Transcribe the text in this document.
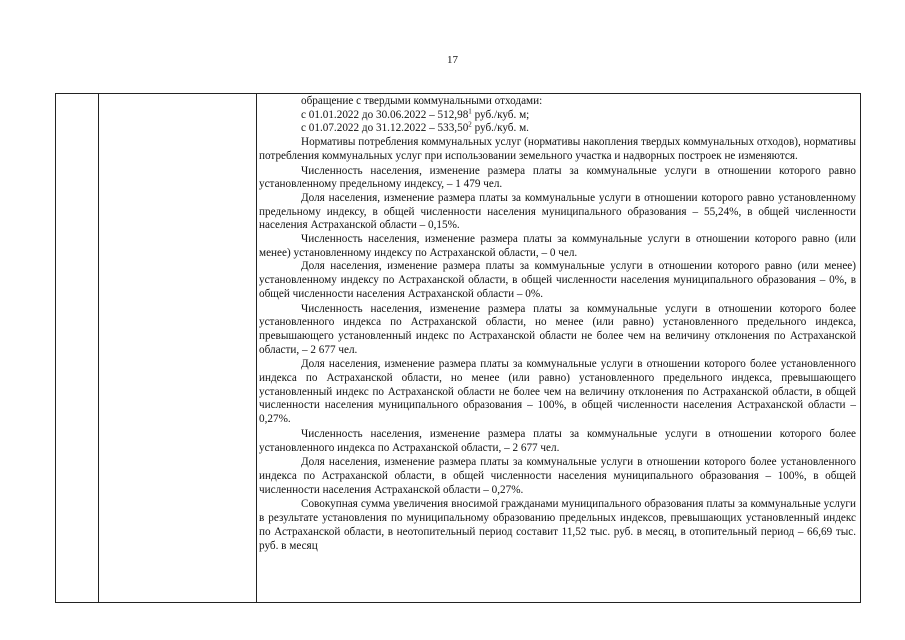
17

обращение с твердыми коммунальными отходами:

с 01.01.2022 до 30.06.2022 – 512,98$^1$ руб./куб. м;

с 01.07.2022 до 31.12.2022 – 533,50$^2$ руб./куб. м.

Нормативы потребления коммунальных услуг (нормативы накопления твердых коммунальных отходов), нормативы потребления коммунальных услуг при использовании земельного участка и надворных построек не изменяются.

Численность населения, изменение размера платы за коммунальные услуги в отношении которого равно установленному предельному индексу, – 1 479 чел.

Доля населения, изменение размера платы за коммунальные услуги в отношении которого равно установленному предельному индексу, в общей численности населения муниципального образования – 55,24%, в общей численности населения Астраханской области – 0,15%.

Численность населения, изменение размера платы за коммунальные услуги в отношении которого равно (или менее) установленному индексу по Астраханской области, – 0 чел.

Доля населения, изменение размера платы за коммунальные услуги в отношении которого равно (или менее) установленному индексу по Астраханской области, в общей численности населения муниципального образования – 0%, в общей численности населения Астраханской области – 0%.

Численность населения, изменение размера платы за коммунальные услуги в отношении которого более установленного индекса по Астраханской области, но менее (или равно) установленного предельного индекса, превышающего установленный индекс по Астраханской области не более чем на величину отклонения по Астраханской области, – 2 677 чел.

Доля населения, изменение размера платы за коммунальные услуги в отношении которого более установленного индекса по Астраханской области, но менее (или равно) установленного предельного индекса, превышающего установленный индекс по Астраханской области не более чем на величину отклонения по Астраханской области, в общей численности населения муниципального образования – 100%, в общей численности населения Астраханской области – 0,27%.

Численность населения, изменение размера платы за коммунальные услуги в отношении которого более установленного индекса по Астраханской области, – 2 677 чел.

Доля населения, изменение размера платы за коммунальные услуги в отношении которого более установленного индекса по Астраханской области, в общей численности населения муниципального образования – 100%, в общей численности населения Астраханской области – 0,27%.

Совокупная сумма увеличения вносимой гражданами муниципального образования платы за коммунальные услуги в результате установления по муниципальному образованию предельных индексов, превышающих установленный индекс по Астраханской области, в неотопительный период составит 11,52 тыс. руб. в месяц, в отопительный период – 66,69 тыс. руб. в месяц
